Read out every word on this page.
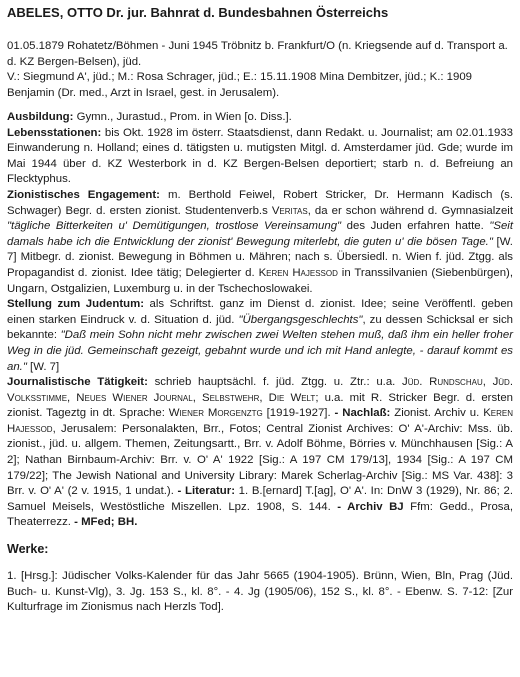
ABELES, OTTO Dr. jur. Bahnrat d. Bundesbahnen Österreichs

01.05.1879 Rohatetz/Böhmen - Juni 1945 Tröbnitz b. Frankfurt/O (n. Kriegsende auf d. Transport a. d. KZ Bergen-Belsen), jüd.

V.: Siegmund A', jüd.; M.: Rosa Schrager, jüd.; E.: 15.11.1908 Mina Dembitzer, jüd.; K.: 1909 Benjamin (Dr. med., Arzt in Israel, gest. in Jerusalem).

Ausbildung: Gymn., Jurastud., Prom. in Wien [o. Diss.].
Lebensstationen: bis Okt. 1928 im österr. Staatsdienst, dann Redakt. u. Journalist; am 02.01.1933 Einwanderung n. Holland; eines d. tätigsten u. mutigsten Mitgl. d. Amsterdamer jüd. Gde; wurde im Mai 1944 über d. KZ Westerbork in d. KZ Bergen-Belsen deportiert; starb n. d. Befreiung an Flecktyphus.
Zionistisches Engagement: m. Berthold Feiwel, Robert Stricker, Dr. Hermann Kadisch (s. Schwager) Begr. d. ersten zionist. Studentenverb.s Veritas, da er schon während d. Gymnasialzeit "tägliche Bitterkeiten u' Demütigungen, trostlose Vereinsamung" des Juden erfahren hatte. "Seit damals habe ich die Entwicklung der zionist' Bewegung miterlebt, die guten u' die bösen Tage." [W. 7] Mitbegr. d. zionist. Bewegung in Böhmen u. Mähren; nach s. Übersiedl. n. Wien f. jüd. Ztgg. als Propagandist d. zionist. Idee tätig; Delegierter d. Keren Hajessod in Transsilvanien (Siebenbürgen), Ungarn, Ostgalizien, Luxemburg u. in der Tschechoslowakei.
Stellung zum Judentum: als Schriftst. ganz im Dienst d. zionist. Idee; seine Veröffentl. geben einen starken Eindruck v. d. Situation d. jüd. "Übergangsgeschlechts", zu dessen Schicksal er sich bekannte: "Daß mein Sohn nicht mehr zwischen zwei Welten stehen muß, daß ihm ein heller froher Weg in die jüd. Gemeinschaft gezeigt, gebahnt wurde und ich mit Hand anlegte, - darauf kommt es an." [W. 7]
Journalistische Tätigkeit: schrieb hauptsächl. f. jüd. Ztgg. u. Ztr.: u.a. Jüd. Rundschau, Jüd. Volksstimme, Neues Wiener Journal, Selbstwehr, Die Welt; u.a. mit R. Stricker Begr. d. ersten zionist. Tageztg in dt. Sprache: Wiener Morgenztg [1919-1927]. - Nachlaß: Zionist. Archiv u. Keren Hajessod, Jerusalem: Personalakten, Brr., Fotos; Central Zionist Archives: O' A'-Archiv: Mss. üb. zionist., jüd. u. allgem. Themen, Zeitungsartt., Brr. v. Adolf Böhme, Börries v. Münchhausen [Sig.: A 2]; Nathan Birnbaum-Archiv: Brr. v. O' A' 1922 [Sig.: A 197 CM 179/13], 1934 [Sig.: A 197 CM 179/22]; The Jewish National and University Library: Marek Scherlag-Archiv [Sig.: MS Var. 438]: 3 Brr. v. O' A' (2 v. 1915, 1 undat.). - Literatur: 1. B.[ernard] T.[ag], O' A'. In: DnW 3 (1929), Nr. 86; 2. Samuel Meisels, Westöstliche Miszellen. Lpz. 1908, S. 144. - Archiv BJ Ffm: Gedd., Prosa, Theaterrezz. - MFed; BH.
Werke:

1. [Hrsg.]: Jüdischer Volks-Kalender für das Jahr 5665 (1904-1905). Brünn, Wien, Bln, Prag (Jüd. Buch- u. Kunst-Vlg), 3. Jg. 153 S., kl. 8°. - 4. Jg (1905/06), 152 S., kl. 8°. - Ebenw. S. 7-12: [Zur Kulturfrage im Zionismus nach Herzls Tod].
